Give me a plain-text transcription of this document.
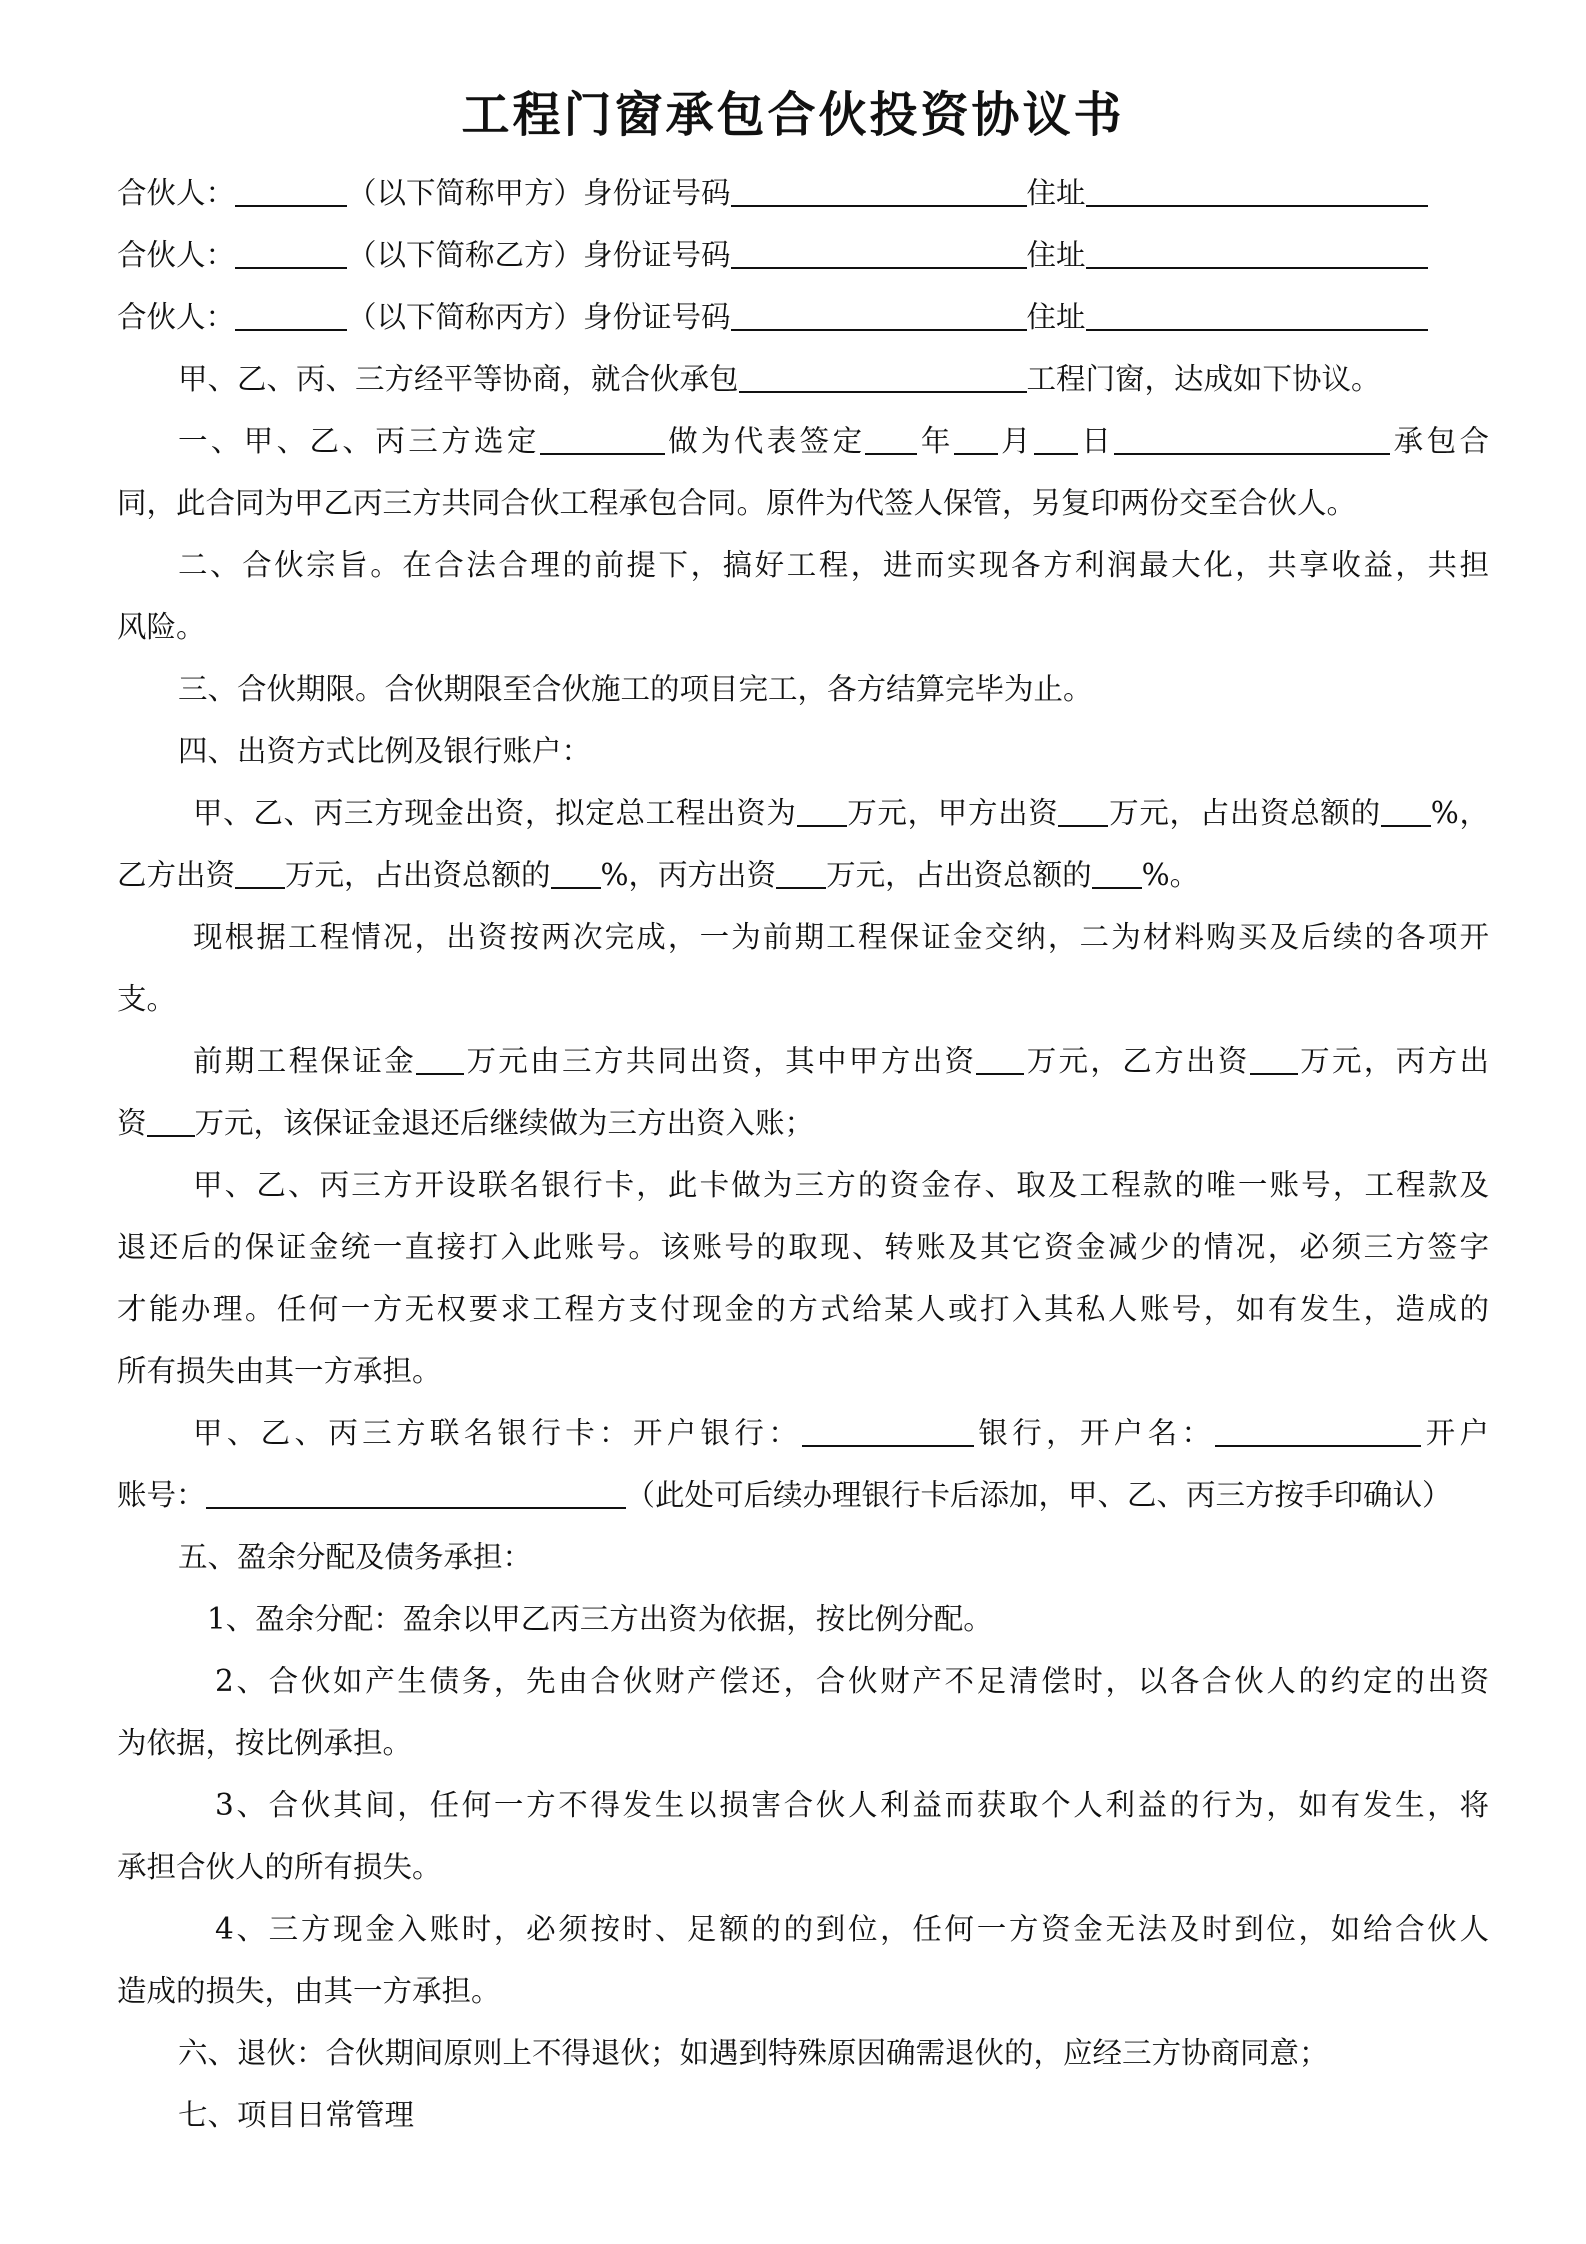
工程门窗承包合伙投资协议书
合伙人：	（以下简称甲方）身份证号码	住址
合伙人：	（以下简称乙方）身份证号码	住址
合伙人：	（以下简称丙方）身份证号码	住址
甲、乙、丙、三方经平等协商，就合伙承包	工程门窗，达成如下协议。
一、甲、乙、丙三方选定	做为代表签定 年 月 日	承包合
同，此合同为甲乙丙三方共同合伙工程承包合同。原件为代签人保管，另复印两份交至合伙人。
二、合伙宗旨。在合法合理的前提下，搞好工程，进而实现各方利润最大化，共享收益，共担
风险。
三、合伙期限。合伙期限至合伙施工的项目完工，各方结算完毕为止。
四、出资方式比例及银行账户：
甲、乙、丙三方现金出资，拟定总工程出资为 万元，甲方出资 万元，占出资总额的 %，
乙方出资 万元，占出资总额的 %，丙方出资 万元，占出资总额的 %。
现根据工程情况，出资按两次完成，一为前期工程保证金交纳，二为材料购买及后续的各项开
支。
前期工程保证金 万元由三方共同出资，其中甲方出资 万元，乙方出资 万元，丙方出
资 万元，该保证金退还后继续做为三方出资入账；
甲、乙、丙三方开设联名银行卡，此卡做为三方的资金存、取及工程款的唯一账号，工程款及
退还后的保证金统一直接打入此账号。该账号的取现、转账及其它资金减少的情况，必须三方签字
才能办理。任何一方无权要求工程方支付现金的方式给某人或打入其私人账号，如有发生，造成的
所有损失由其一方承担。
甲、乙、丙三方联名银行卡：开户银行：	银行，开户名：	开户
账号：	（此处可后续办理银行卡后添加，甲、乙、丙三方按手印确认）
五、盈余分配及债务承担：
1、盈余分配：盈余以甲乙丙三方出资为依据，按比例分配。
2、合伙如产生债务，先由合伙财产偿还，合伙财产不足清偿时，以各合伙人的约定的出资
为依据，按比例承担。
3、合伙其间，任何一方不得发生以损害合伙人利益而获取个人利益的行为，如有发生，将
承担合伙人的所有损失。
4、三方现金入账时，必须按时、足额的的到位，任何一方资金无法及时到位，如给合伙人
造成的损失，由其一方承担。
六、退伙：合伙期间原则上不得退伙；如遇到特殊原因确需退伙的，应经三方协商同意；
七、项目日常管理
